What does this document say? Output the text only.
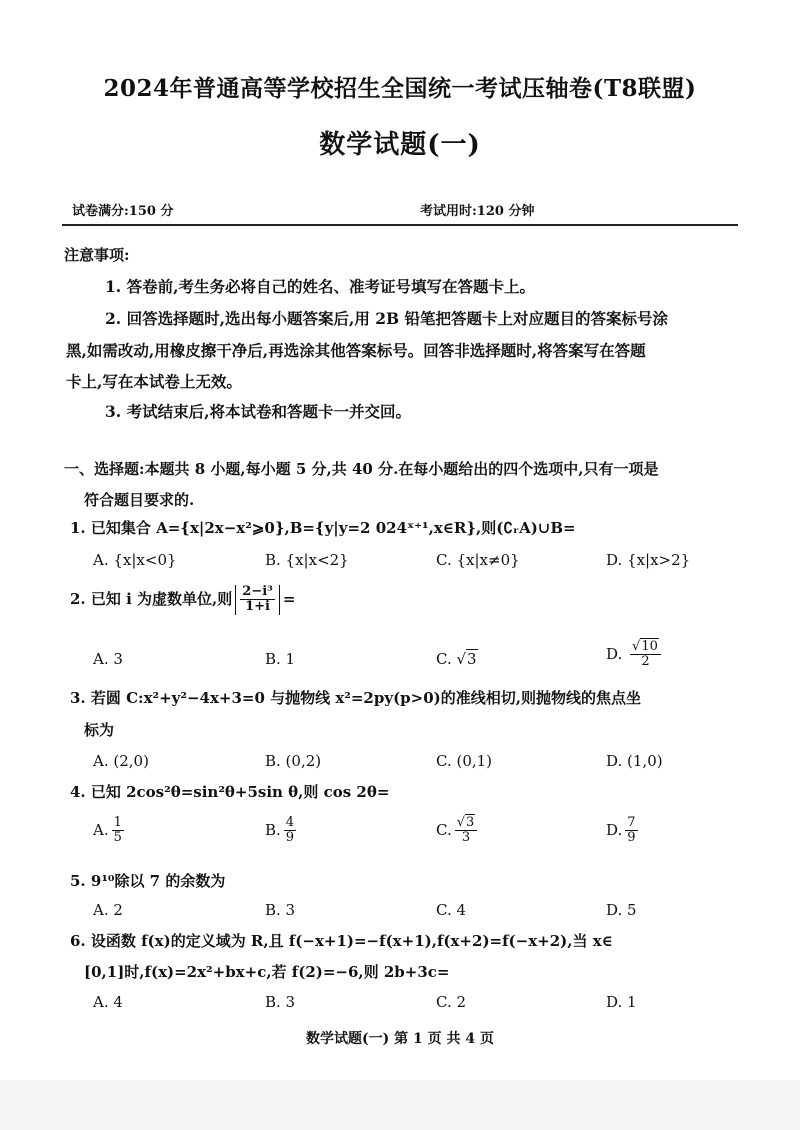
2024年普通高等学校招生全国统一考试压轴卷(T8联盟)
数学试题(一)
试卷满分:150 分	考试用时:120 分钟
注意事项:
1. 答卷前,考生务必将自己的姓名、准考证号填写在答题卡上。
2. 回答选择题时,选出每小题答案后,用 2B 铅笔把答题卡上对应题目的答案标号涂
黑,如需改动,用橡皮擦干净后,再选涂其他答案标号。回答非选择题时,将答案写在答题
卡上,写在本试卷上无效。
3. 考试结束后,将本试卷和答题卡一并交回。
一、选择题:本题共 8 小题,每小题 5 分,共 40 分.在每小题给出的四个选项中,只有一项是
符合题目要求的.
1. 已知集合 A={x|2x−x²⩾0},B={y|y=2 024ˣ⁺¹,x∈R},则(∁ᵣA)∪B=
A. {x|x<0}	B. {x|x<2}	C. {x|x≠0}	D. {x|x>2}
2. 已知 i 为虚数单位,则 $\frac{\text{2−i³}}{1+i}$ =
A. 3	B. 1	C. √3	D. $\frac{√10}{2}$
3. 若圆 C:x²+y²−4x+3=0 与抛物线 x²=2py(p>0)的准线相切,则抛物线的焦点坐
标为
A. (2,0)	B. (0,2)	C. (0,1)	D. (1,0)
4. 已知 2cos²θ=sin²θ+5sin θ,则 cos 2θ=
A. $\frac{1}{5}$	B. $\frac{4}{9}$	C. $\frac{√3}{3}$	D. $\frac{7}{9}$
5. 9¹⁰除以 7 的余数为
A. 2	B. 3	C. 4	D. 5
6. 设函数 f(x)的定义域为 R,且 f(−x+1)=−f(x+1),f(x+2)=f(−x+2),当 x∈
[0,1]时,f(x)=2x²+bx+c,若 f(2)=−6,则 2b+3c=
A. 4	B. 3	C. 2	D. 1
数学试题(一) 第 1 页 共 4 页
